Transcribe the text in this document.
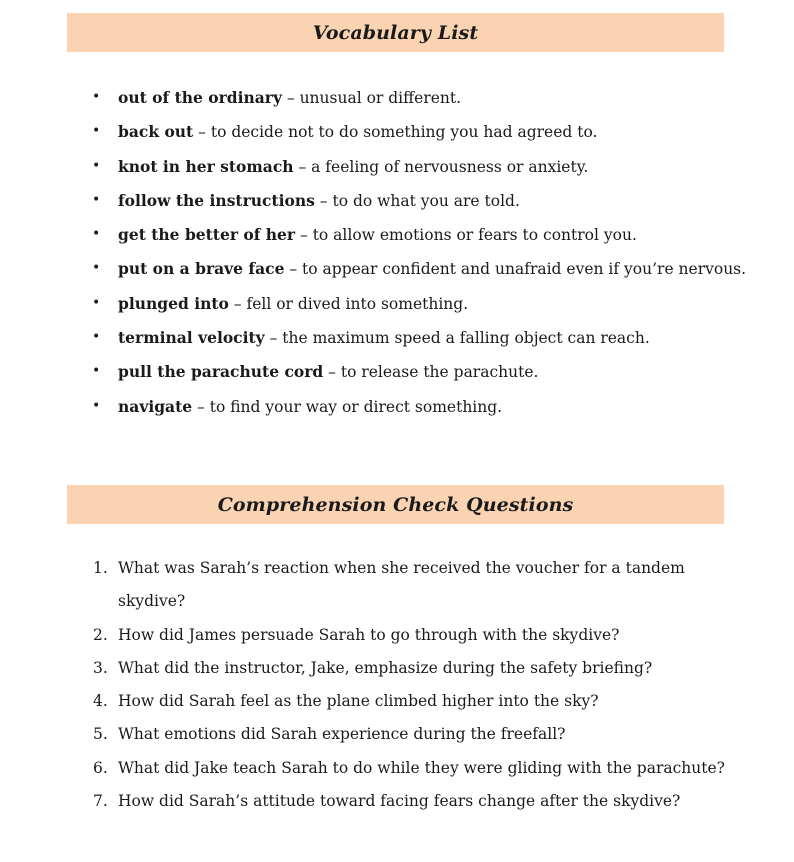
Vocabulary List
•	out of the ordinary – unusual or different.
•	back out – to decide not to do something you had agreed to.
•	knot in her stomach – a feeling of nervousness or anxiety.
•	follow the instructions – to do what you are told.
•	get the better of her – to allow emotions or fears to control you.
•	put on a brave face – to appear confident and unafraid even if you’re nervous.
•	plunged into – fell or dived into something.
•	terminal velocity – the maximum speed a falling object can reach.
•	pull the parachute cord – to release the parachute.
•	navigate – to find your way or direct something.
Comprehension Check Questions
1. What was Sarah’s reaction when she received the voucher for a tandem skydive?
2. How did James persuade Sarah to go through with the skydive?
3. What did the instructor, Jake, emphasize during the safety briefing?
4. How did Sarah feel as the plane climbed higher into the sky?
5. What emotions did Sarah experience during the freefall?
6. What did Jake teach Sarah to do while they were gliding with the parachute?
7. How did Sarah’s attitude toward facing fears change after the skydive?
